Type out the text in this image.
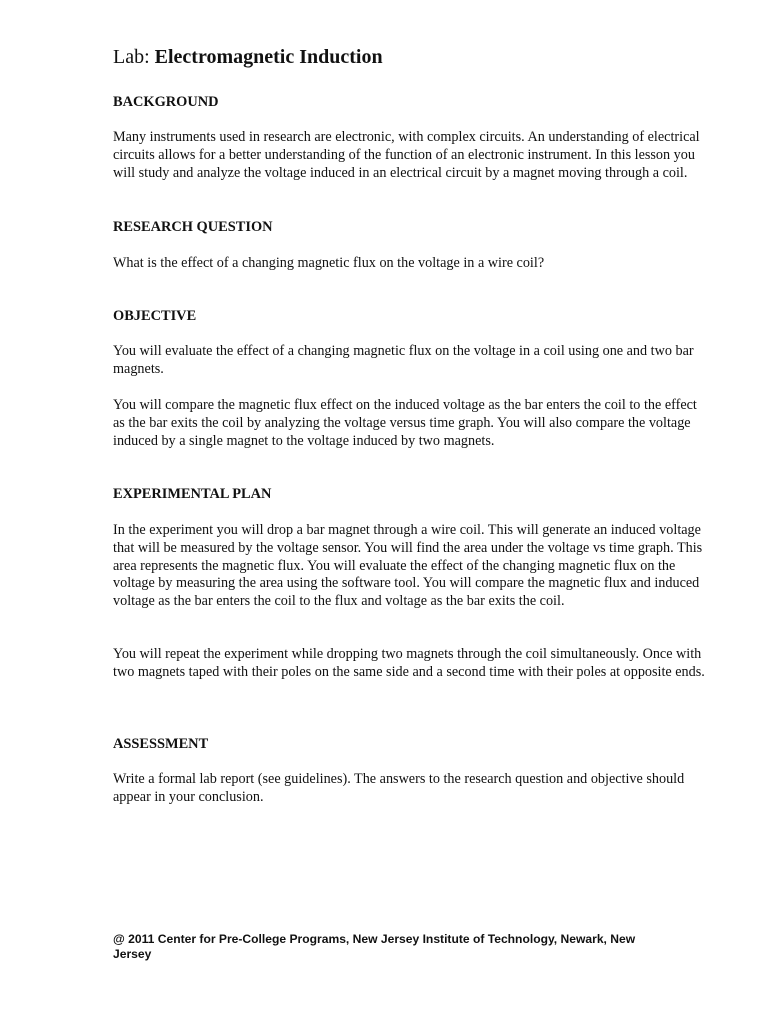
Lab: Electromagnetic Induction
BACKGROUND

Many instruments used in research are electronic, with complex circuits. An understanding of electrical circuits allows for a better understanding of the function of an electronic instrument. In this lesson you will study and analyze the voltage induced in an electrical circuit by a magnet moving through a coil.

RESEARCH QUESTION

What is the effect of a changing magnetic flux on the voltage in a wire coil?

OBJECTIVE

You will evaluate the effect of a changing magnetic flux on the voltage in a coil using one and two bar magnets.

You will compare the magnetic flux effect on the induced voltage as the bar enters the coil to the effect as the bar exits the coil by analyzing the voltage versus time graph. You will also compare the voltage induced by a single magnet to the voltage induced by two magnets.

EXPERIMENTAL PLAN

In the experiment you will drop a bar magnet through a wire coil. This will generate an induced voltage that will be measured by the voltage sensor. You will find the area under the voltage vs time graph. This area represents the magnetic flux. You will evaluate the effect of the changing magnetic flux on the voltage by measuring the area using the software tool. You will compare the magnetic flux and induced voltage as the bar enters the coil to the flux and voltage as the bar exits the coil.

You will repeat the experiment while dropping two magnets through the coil simultaneously. Once with two magnets taped with their poles on the same side and a second time with their poles at opposite ends.

ASSESSMENT

Write a formal lab report (see guidelines). The answers to the research question and objective should appear in your conclusion.

@ 2011 Center for Pre-College Programs, New Jersey Institute of Technology, Newark, New Jersey
